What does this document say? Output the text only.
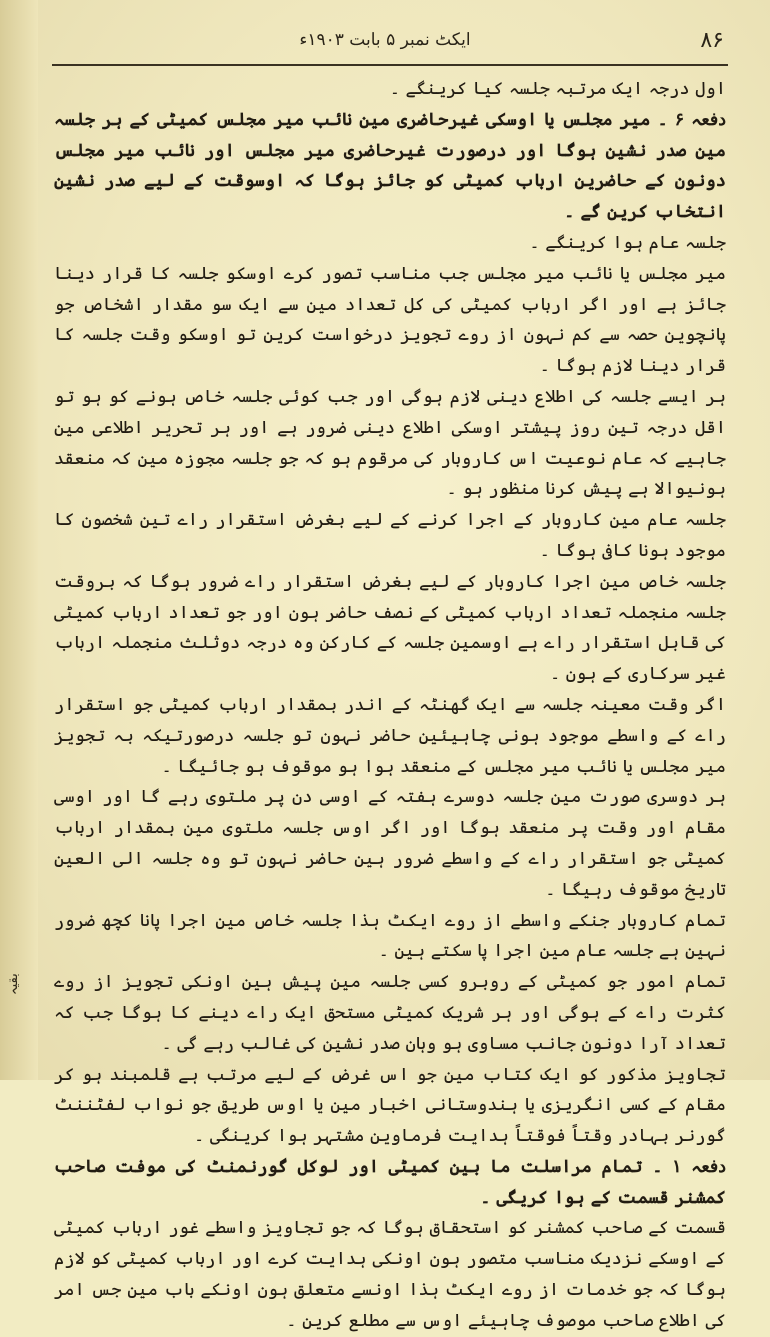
۸۶
ایکٹ نمبر ۵ بابت ۱۹۰۳ء

اول درجہ ایک مرتبہ جلسہ کیا کرینگے ۔

دفعہ ۶ ۔ میر مجلس یا اوسکی غیرحاضری مین نائب میر مجلس کمیٹی کے ہر جلسہ مین صدر نشین ہوگا اور درصورت غیرحاضری میر مجلس اور نائب میر مجلس دونون کے حاضرین ارباب کمیٹی کو جائز ہوگا کہ اوسوقت کے لیے صدر نشین انتخاب کرین گے ۔

جلسہ عام ہوا کرینگے ۔

میر مجلس یا نائب میر مجلس جب مناسب تصور کرے اوسکو جلسہ کا قرار دینا جائز ہے اور اگر ارباب کمیٹی کی کل تعداد مین سے ایک سو مقدار اشخاص جو پانچوین حصہ سے کم نہون از روے تجویز درخواست کرین تو اوسکو وقت جلسہ کا قرار دینا لازم ہوگا ۔

ہر ایسے جلسہ کی اطلاع دینی لازم ہوگی اور جب کوئی جلسہ خاص ہونے کو ہو تو اقل درجہ تین روز پیشتر اوسکی اطلاع دینی ضرور ہے اور ہر تحریر اطلاعی مین جاہیے کہ عام نوعیت اس کاروبار کی مرقوم ہو کہ جو جلسہ مجوزہ مین کہ منعقد ہونیوالا ہے پیش کرنا منظور ہو ۔

جلسہ عام مین کاروبار کے اجرا کرنے کے لیے بغرض استقرار راے تین شخصون کا موجود ہونا کافی ہوگا ۔

جلسہ خاص مین اجرا کاروبار کے لیے بغرض استقرار راے ضرور ہوگا کہ بروقت جلسہ منجملہ تعداد ارباب کمیٹی کے نصف حاضر ہون اور جو تعداد ارباب کمیٹی کی قابل استقرار راے ہے اوسمین جلسہ کے کارکن وہ درجہ دوثلث منجملہ ارباب غیر سرکاری کے ہون ۔

اگر وقت معینہ جلسہ سے ایک گھنٹہ کے اندر بمقدار ارباب کمیٹی جو استقرار راے کے واسطے موجود ہونی چاہیئین حاضر نہون تو جلسہ درصورتیکہ بہ تجویز میر مجلس یا نائب میر مجلس کے منعقد ہوا ہو موقوف ہو جائیگا ۔

ہر دوسری صورت مین جلسہ دوسرے ہفتہ کے اوسی دن پر ملتوی رہے گا اور اوسی مقام اور وقت پر منعقد ہوگا اور اگر اوس جلسہ ملتوی مین بمقدار ارباب کمیٹی جو استقرار راے کے واسطے ضرور ہین حاضر نہون تو وہ جلسہ الی العین تاریخ موقوف رہیگا ۔

تمام کاروبار جنکے واسطے از روے ایکٹ ہذا جلسہ خاص مین اجرا پانا کچھ ضرور نہین ہے جلسہ عام مین اجرا پا سکتے ہین ۔

تمام امور جو کمیٹی کے روبرو کسی جلسہ مین پیش ہین اونکی تجویز از روے کثرت راے کے ہوگی اور ہر شریک کمیٹی مستحق ایک راے دینے کا ہوگا جب کہ تعداد آرا دونون جانب مساوی ہو وہان صدر نشین کی غالب رہے گی ۔

تجاویز مذکور کو ایک کتاب مین جو اس غرض کے لیے مرتب ہے قلمبند ہو کر مقام کے کسی انگریزی یا ہندوستانی اخبار مین یا اوس طریق جو نواب لفٹننٹ گورنر بہادر وقتاً فوقتاً ہدایت فرماوین مشتہر ہوا کرینگی ۔

دفعہ ۱ ۔ تمام مراسلت ما بین کمیٹی اور لوکل گورنمنٹ کی موفت صاحب کمشنر قسمت کے ہوا کریگی ۔

قسمت کے صاحب کمشنر کو استحقاق ہوگا کہ جو تجاویز واسطے غور ارباب کمیٹی کے اوسکے نزدیک مناسب متصور ہون اونکی ہدایت کرے اور ارباب کمیٹی کو لازم ہوگا کہ جو خدمات از روے ایکٹ ہذا اونسے متعلق ہون اونکے باب مین جس امر کی اطلاع صاحب موصوف چاہیئے اوس سے مطلع کرین ۔

بقیہ
